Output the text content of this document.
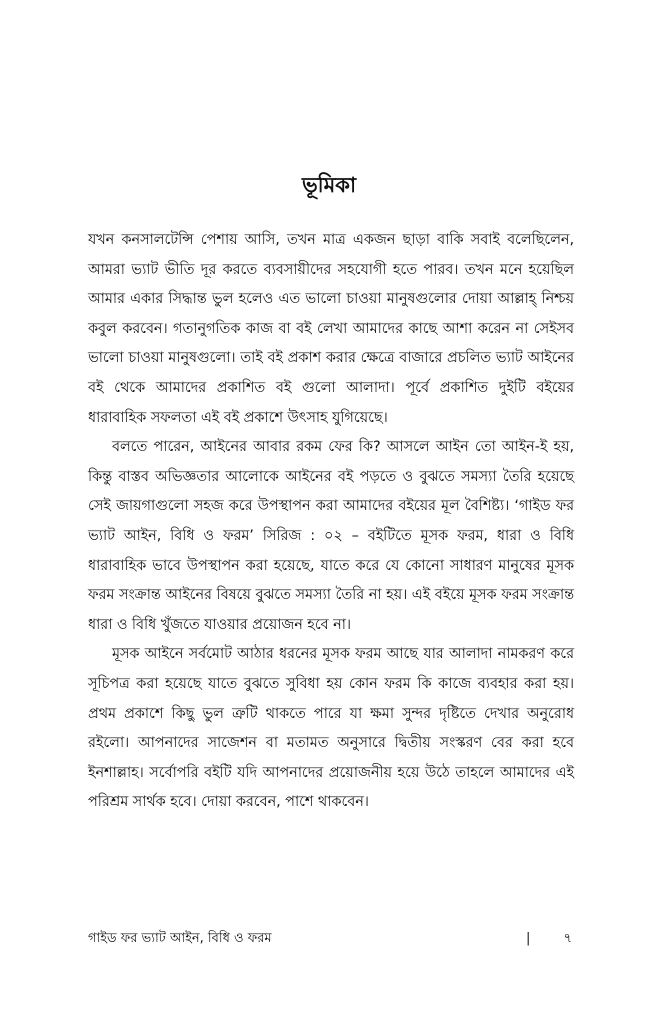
ভূমিকা

যখন কনসালটেন্সি পেশায় আসি, তখন মাত্র একজন ছাড়া বাকি সবাই বলেছিলেন, আমরা ভ্যাট ভীতি দূর করতে ব্যবসায়ীদের সহযোগী হতে পারব। তখন মনে হয়েছিল আমার একার সিদ্ধান্ত ভুল হলেও এত ভালো চাওয়া মানুষগুলোর দোয়া আল্লাহ্ নিশ্চয় কবুল করবেন। গতানুগতিক কাজ বা বই লেখা আমাদের কাছে আশা করেন না সেইসব ভালো চাওয়া মানুষগুলো। তাই বই প্রকাশ করার ক্ষেত্রে বাজারে প্রচলিত ভ্যাট আইনের বই থেকে আমাদের প্রকাশিত বই গুলো আলাদা। পূর্বে প্রকাশিত দুইটি বইয়ের ধারাবাহিক সফলতা এই বই প্রকাশে উৎসাহ যুগিয়েছে।

বলতে পারেন, আইনের আবার রকম ফের কি? আসলে আইন তো আইন-ই হয়, কিন্তু বাস্তব অভিজ্ঞতার আলোকে আইনের বই পড়তে ও বুঝতে সমস্যা তৈরি হয়েছে সেই জায়গাগুলো সহজ করে উপস্থাপন করা আমাদের বইয়ের মূল বৈশিষ্ট্য। ‘গাইড ফর ভ্যাট আইন, বিধি ও ফরম’ সিরিজ : ০২ – বইটিতে মূসক ফরম, ধারা ও বিধি ধারাবাহিক ভাবে উপস্থাপন করা হয়েছে, যাতে করে যে কোনো সাধারণ মানুষের মূসক ফরম সংক্রান্ত আইনের বিষয়ে বুঝতে সমস্যা তৈরি না হয়। এই বইয়ে মূসক ফরম সংক্রান্ত ধারা ও বিধি খুঁজতে যাওয়ার প্রয়োজন হবে না।

মূসক আইনে সর্বমোট আঠার ধরনের মূসক ফরম আছে যার আলাদা নামকরণ করে সূচিপত্র করা হয়েছে যাতে বুঝতে সুবিধা হয় কোন ফরম কি কাজে ব্যবহার করা হয়। প্রথম প্রকাশে কিছু ভুল ত্রুটি থাকতে পারে যা ক্ষমা সুন্দর দৃষ্টিতে দেখার অনুরোধ রইলো। আপনাদের সাজেশন বা মতামত অনুসারে দ্বিতীয় সংস্করণ বের করা হবে ইনশাল্লাহ। সর্বোপরি বইটি যদি আপনাদের প্রয়োজনীয় হয়ে উঠে তাহলে আমাদের এই পরিশ্রম সার্থক হবে। দোয়া করবেন, পাশে থাকবেন।

গাইড ফর ভ্যাট আইন, বিধি ও ফরম	|	৭
